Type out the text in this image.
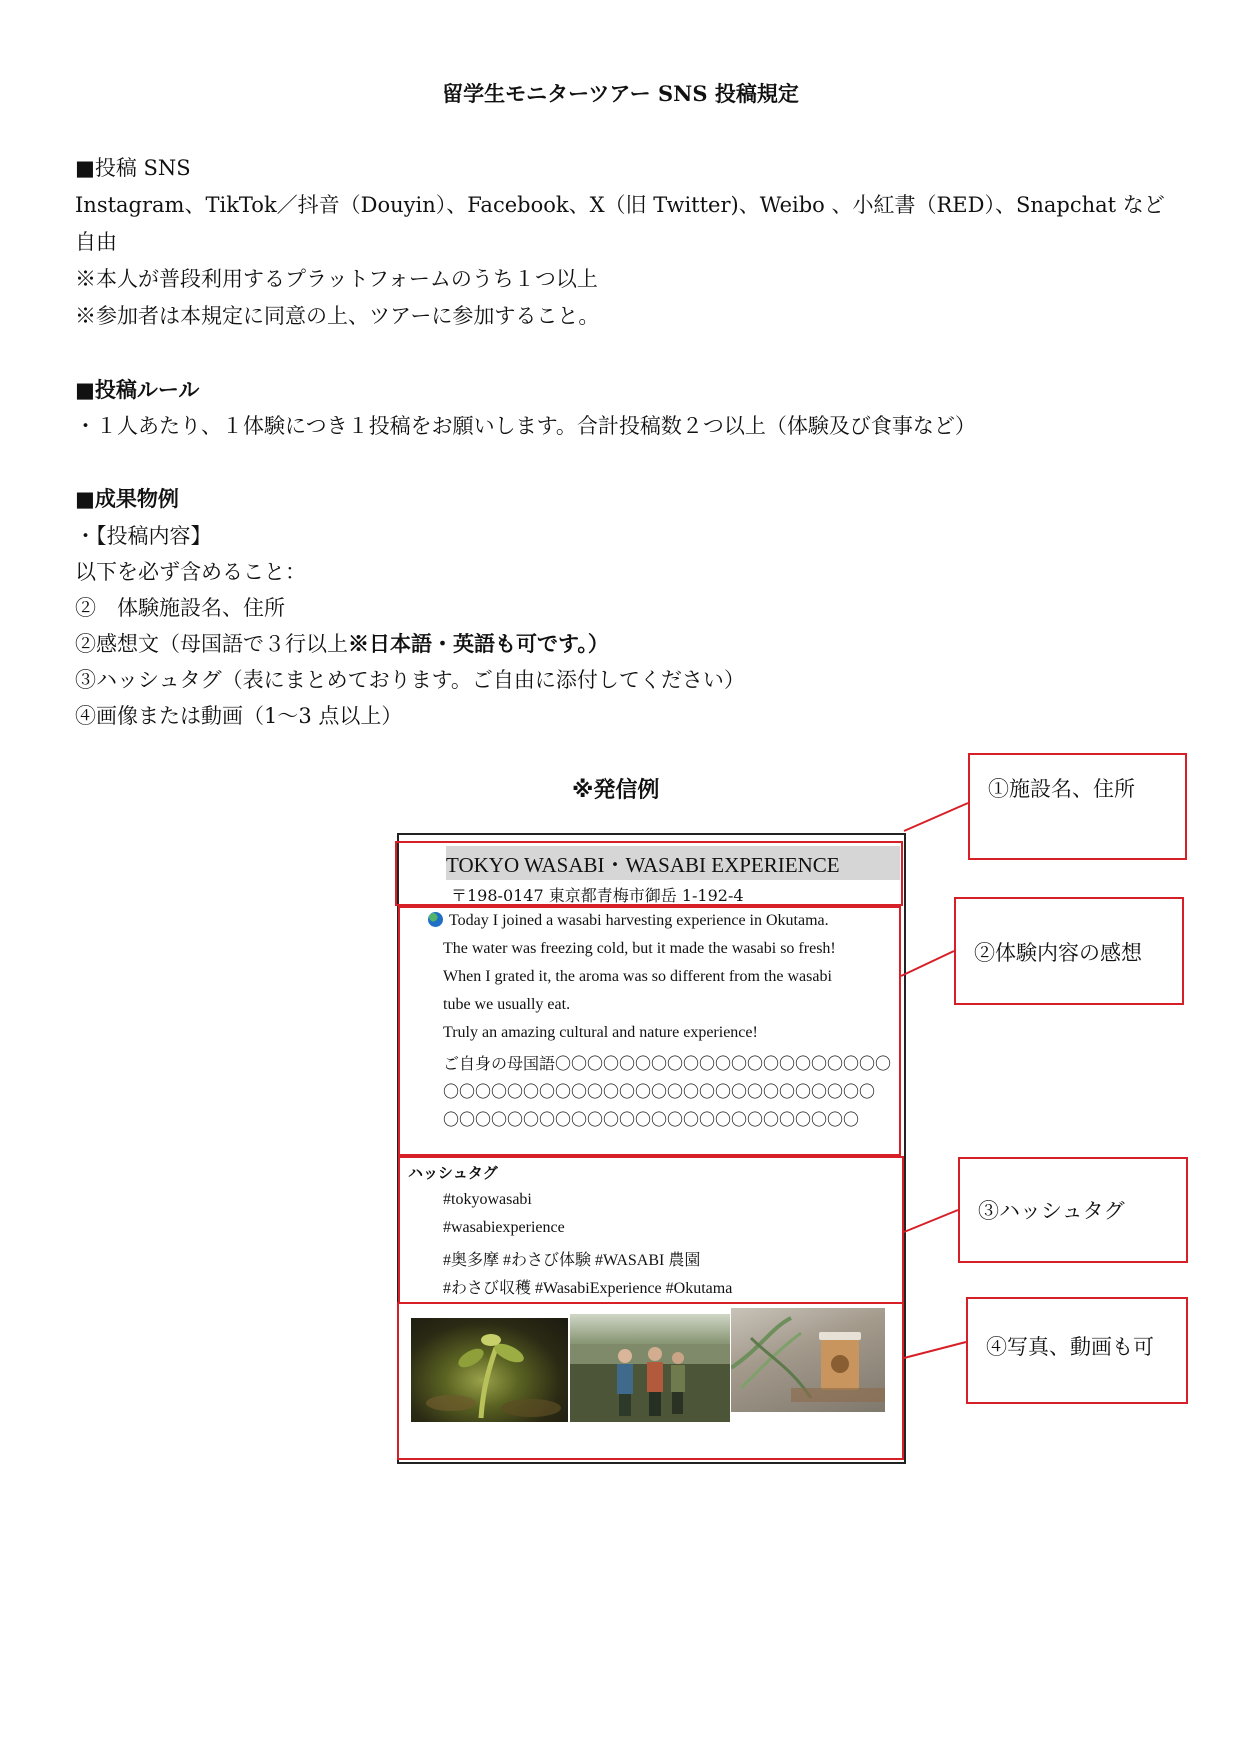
留学生モニターツアー SNS 投稿規定
■投稿 SNS
Instagram、TikTok／抖音（Douyin）、Facebook、X（旧 Twitter)、Weibo 、小紅書（RED）、Snapchat など
自由
※本人が普段利用するプラットフォームのうち１つ以上
※参加者は本規定に同意の上、ツアーに参加すること。
■投稿ルール
・１人あたり、１体験につき１投稿をお願いします。合計投稿数２つ以上（体験及び食事など）
■成果物例
・【投稿内容】
以下を必ず含めること：
②　体験施設名、住所
②感想文（母国語で３行以上※日本語・英語も可です。）
③ハッシュタグ（表にまとめております。ご自由に添付してください）
④画像または動画（1〜3 点以上）
※発信例
TOKYO WASABI・WASABI EXPERIENCE
〒198-0147 東京都青梅市御岳 1-192-4
Today I joined a wasabi harvesting experience in Okutama.
The water was freezing cold, but it made the wasabi so fresh!
When I grated it, the aroma was so different from the wasabi
tube we usually eat.
Truly an amazing cultural and nature experience!
ご自身の母国語〇〇〇〇〇〇〇〇〇〇〇〇〇〇〇〇〇〇〇〇〇
〇〇〇〇〇〇〇〇〇〇〇〇〇〇〇〇〇〇〇〇〇〇〇〇〇〇〇
〇〇〇〇〇〇〇〇〇〇〇〇〇〇〇〇〇〇〇〇〇〇〇〇〇〇
ハッシュタグ
#tokyowasabi
#wasabiexperience
#奥多摩 #わさび体験 #WASABI 農園
#わさび収穫 #WasabiExperience #Okutama
①施設名、住所
②体験内容の感想
③ハッシュタグ
④写真、動画も可
